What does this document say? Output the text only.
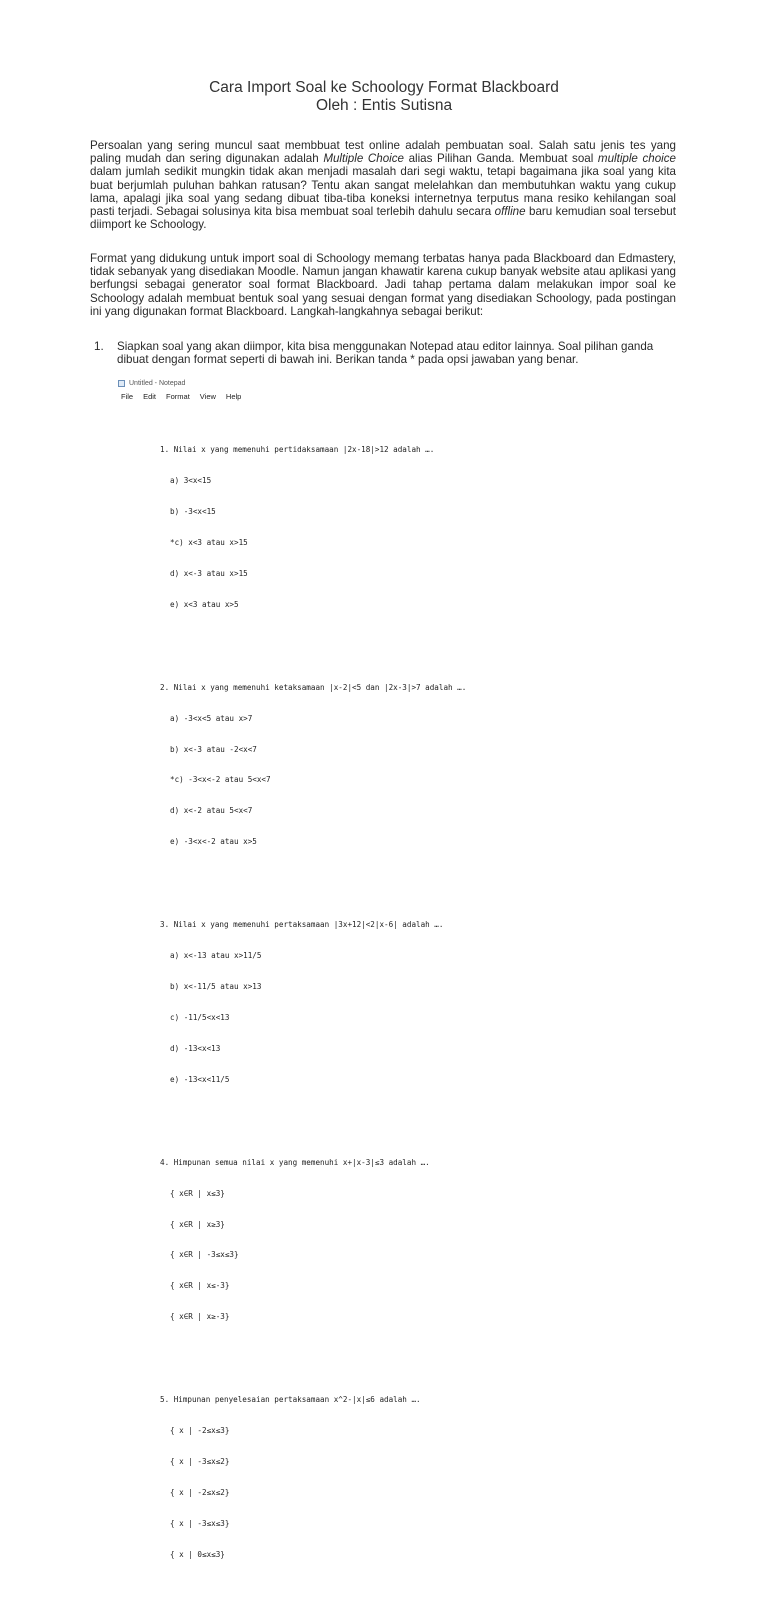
Cara Import Soal ke Schoology Format Blackboard
Oleh : Entis Sutisna
Persoalan yang sering muncul saat membbuat test online adalah pembuatan soal. Salah satu jenis tes yang paling mudah dan sering digunakan adalah Multiple Choice alias Pilihan Ganda. Membuat soal multiple choice dalam jumlah sedikit mungkin tidak akan menjadi masalah dari segi waktu, tetapi bagaimana jika soal yang kita buat berjumlah puluhan bahkan ratusan? Tentu akan sangat melelahkan dan membutuhkan waktu yang cukup lama, apalagi jika soal yang sedang dibuat tiba-tiba koneksi internetnya terputus mana resiko kehilangan soal pasti terjadi. Sebagai solusinya kita bisa membuat soal terlebih dahulu secara offline baru kemudian soal tersebut diimport ke Schoology.
Format yang didukung untuk import soal di Schoology memang terbatas hanya pada Blackboard dan Edmastery, tidak sebanyak yang disediakan Moodle. Namun jangan khawatir karena cukup banyak website atau aplikasi yang berfungsi sebagai generator soal format Blackboard. Jadi tahap pertama dalam melakukan impor soal ke Schoology adalah membuat bentuk soal yang sesuai dengan format yang disediakan Schoology, pada postingan ini yang digunakan format Blackboard. Langkah-langkahnya sebagai berikut:
1. Siapkan soal yang akan diimpor, kita bisa menggunakan Notepad atau editor lainnya. Soal pilihan ganda dibuat dengan format seperti di bawah ini. Berikan tanda * pada opsi jawaban yang benar.
Untitled - Notepad
File Edit Format View Help

1. Nilai x yang memenuhi pertidaksamaan |2x-18|>12 adalah ….

a) 3<x<15

b) -3<x<15

*c) x<3 atau x>15

d) x<-3 atau x>15

e) x<3 atau x>5

2. Nilai x yang memenuhi ketaksamaan |x-2|<5 dan |2x-3|>7 adalah ….

a) -3<x<5 atau x>7

b) x<-3 atau -2<x<7

*c) -3<x<-2 atau 5<x<7

d) x<-2 atau 5<x<7

e) -3<x<-2 atau x>5

3. Nilai x yang memenuhi pertaksamaan |3x+12|<2|x-6| adalah ….

a) x<-13 atau x>11/5

b) x<-11/5 atau x>13

c) -11/5<x<13

d) -13<x<13

e) -13<x<11/5

4. Himpunan semua nilai x yang memenuhi x+|x-3|≤3 adalah ….

{ x∈R | x≤3}

{ x∈R | x≥3}

{ x∈R | -3≤x≤3}

{ x∈R | x≤-3}

{ x∈R | x≥-3}

5. Himpunan penyelesaian pertaksamaan x^2-|x|≤6 adalah ….

{ x | -2≤x≤3}

{ x | -3≤x≤2}

{ x | -2≤x≤2}

{ x | -3≤x≤3}

{ x | 0≤x≤3}
